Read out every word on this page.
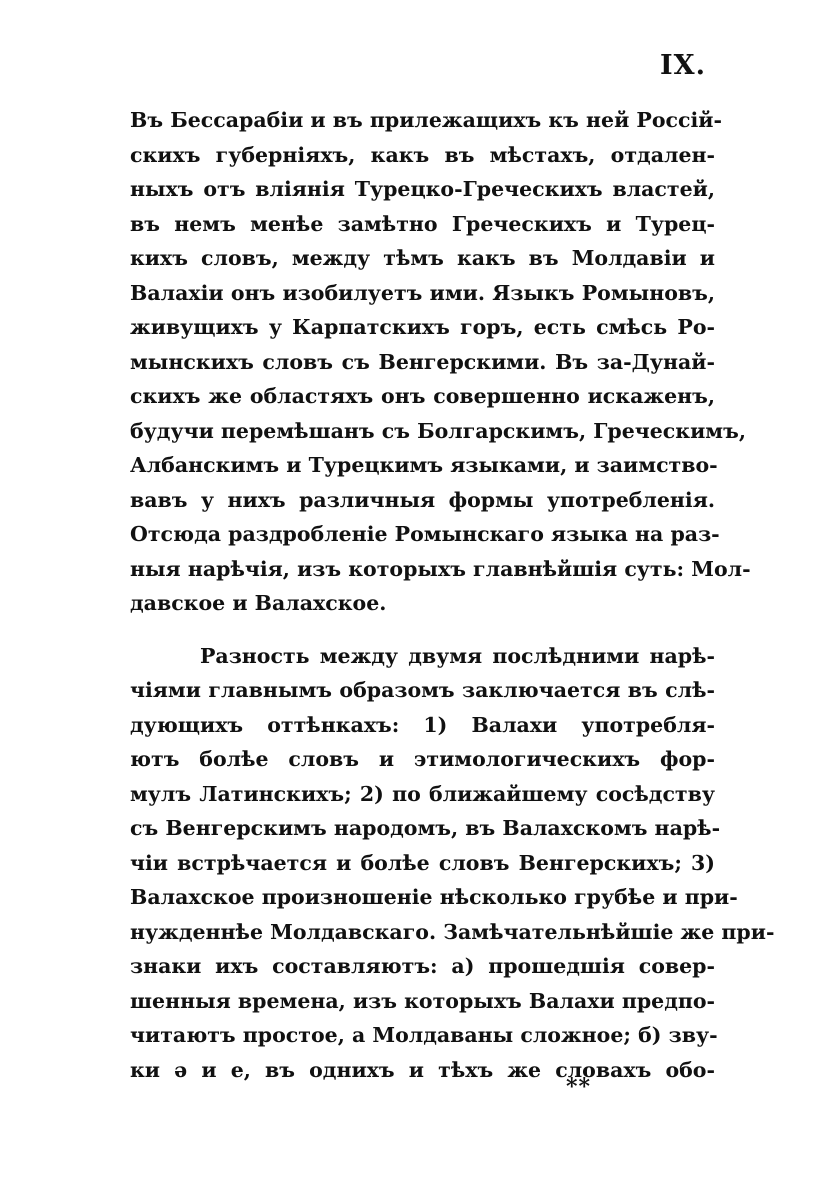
IX.
Въ Бессарабіи и въ прилежащихъ къ ней Россій-
скихъ губерніяхъ, какъ въ мѣстахъ, отдален-
ныхъ отъ вліянія Турецко-Греческихъ властей,
въ немъ менѣе замѣтно Греческихъ и Турец-
кихъ словъ, между тѣмъ какъ въ Молдавіи и
Валахіи онъ изобилуетъ ими. Языкъ Ромыновъ,
живущихъ у Карпатскихъ горъ, есть смѣсь Ро-
мынскихъ словъ съ Венгерскими. Въ за-Дунай-
скихъ же областяхъ онъ совершенно искаженъ,
будучи перемѣшанъ съ Болгарскимъ, Греческимъ,
Албанскимъ и Турецкимъ языками, и заимство-
вавъ у нихъ различныя формы употребленія.
Отсюда раздробленіе Ромынскаго языка на раз-
ныя нарѣчія, изъ которыхъ главнѣйшія суть: Мол-
давское и Валахское.
Разность между двумя послѣдними нарѣ-
чіями главнымъ образомъ заключается въ слѣ-
дующихъ оттѣнкахъ: 1) Валахи употребля-
ютъ болѣе словъ и этимологическихъ фор-
мулъ Латинскихъ; 2) по ближайшему сосѣдству
съ Венгерскимъ народомъ, въ Валахскомъ нарѣ-
чіи встрѣчается и болѣе словъ Венгерскихъ; 3)
Валахское произношеніе нѣсколько грубѣе и при-
нужденнѣе Молдавскаго. Замѣчательнѣйшіе же при-
знаки ихъ составляютъ: а) прошедшія совер-
шенныя времена, изъ которыхъ Валахи предпо-
читаютъ простое, а Молдаваны сложное; б) зву-
ки ə и e, въ однихъ и тѣхъ же словахъ обо-
**
